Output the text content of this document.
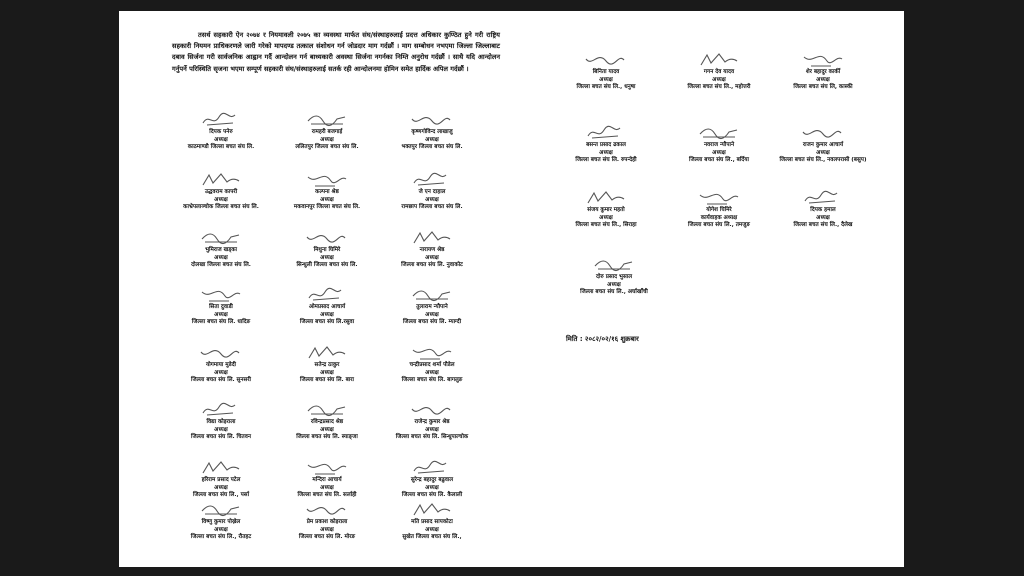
तसर्थ सहकारी ऐन २०७४ र नियमावली २०७५ का व्यवस्था मार्फत संघ/संस्थाहरुलाई प्रदत्त अधिकार कुण्ठित हुने गरी राष्ट्रिय सहकारी नियमन प्राधिकरणले जारी गरेको मापदण्ड तत्काल संशोधन गर्न जोडदार माग गर्दछौं । माग सम्बोधन नभएमा जिल्ला जिल्लाबाट दबाव सिर्जना गरी सार्वजनिक आह्वान गर्दै आन्दोलन गर्न बाध्यकारी अवस्था सिर्जना नगर्नका निम्ति अनुरोध गर्दछौं । साथै यदि आन्दोलन गर्नुपर्ने परिस्थिति सृजना भएमा सम्पूर्ण सहकारी संघ/संस्थाहरुलाई सतर्क रही आन्दोलनमा होमिन समेत हार्दिक अपिल गर्दछौं ।

दिपक पनेरु
अध्यक्ष
काठमाण्डौ जिल्ला बचत संघ लि.
रामहरी बजगाई
अध्यक्ष
ललितपुर जिल्ला बचत संघ लि.
कृष्णगोविन्द लाखाजु
अध्यक्ष
भक्तपुर जिल्ला बचत संघ लि.
उद्धवराम कापरी
अध्यक्ष
काभ्रेपलाञ्चोक जिल्ला बचत संघ लि.
कल्पना श्रेष्ठ
अध्यक्ष
मकवानपुर जिल्ला बचत संघ लि.
जे एन दाहाल
अध्यक्ष
रामछाप जिल्ला बचत संघ लि.
भुमिराज खड्का
अध्यक्ष
दोलखा जिल्ला बचत संघ लि.
मिथुना घिमिरे
अध्यक्ष
सिन्धुली जिल्ला बचत संघ लि.
नारायण श्रेष्ठ
अध्यक्ष
जिल्ला बचत संघ लि. नुवाकोट
सिता दुवाडी
अध्यक्ष
जिल्ला बचत संघ लि. धादिङ
ओमप्रसाद आचार्य
अध्यक्ष
जिल्ला बचत संघ लि.रसुवा
तुलाराम न्यौपाने
अध्यक्ष
जिल्ला बचत संघ लि. म्याग्दी
योगमाया मुडेदी
अध्यक्ष
जिल्ला बचत संघ लि. सुनसरी
सतेन्द्र ठाकुर
अध्यक्ष
जिल्ला बचत संघ लि. बारा
चन्द्रीप्रसाद शर्मा पौडेल
अध्यक्ष
जिल्ला बचत संघ लि. बागलुङ
विद्या कोइराला
अध्यक्ष
जिल्ला बचत संघ लि. चितवन
रविन्द्रप्रसाद श्रेष्ठ
अध्यक्ष
जिल्ला बचत संघ लि. स्याङ्जा
राजेन्द्र कुमार श्रेष्ठ
अध्यक्ष
जिल्ला बचत संघ लि. सिन्धुपाल्चोक
हरिराम प्रसाद पटेल
अध्यक्ष
जिल्ला बचत संघ लि., पर्सा
मन्दिरा आचार्य
अध्यक्ष
जिल्ला बचत संघ लि. सर्लाही
सुरेन्द्र बहादुर बढुवाल
अध्यक्ष
जिल्ला बचत संघ लि. कैलाली
विष्णु कुमार पोख्रेल
अध्यक्ष
जिल्ला बचत संघ लि., रौतहट
प्रेम प्रकाश कोइराला
अध्यक्ष
जिल्ला बचत संघ लि. मोरङ
मति प्रसाद सापकोटा
अध्यक्ष
सुखेत जिल्ला बचत संघ लि.,
बिनिता यादव
अध्यक्ष
जिल्ला बचत संघ लि., धनुषा
गगन देव यादव
अध्यक्ष
जिल्ला बचत संघ लि., महोत्तरी
शेर बहादुर कार्की
अध्यक्ष
जिल्ला बचत संघ लि, कास्की
बसन्त प्रसाद ढकाल
अध्यक्ष
जिल्ला बचत संघ लि. रुपन्देही
नवराज न्यौपाने
अध्यक्ष
जिल्ला बचत संघ लि., बर्दिया
राजन कुमार आचार्य
अध्यक्ष
जिल्ला बचत संघ लि., नवलपरासी (बसुप)
संजय कुमार महतो
अध्यक्ष
जिल्ला बचत संघ लि., सिराहा
योगेश घिमिरे
कार्यवाहक अध्यक्ष
जिल्ला बचत संघ लि., तमजुङ
दिपक हमाल
अध्यक्ष
जिल्ला बचत संघ लि., दैलेख
दोरु प्रसाद भुसाल
अध्यक्ष
जिल्ला बचत संघ लि., अर्घाखाँची
मिति : २०८२/०२/१६ शुक्रबार
